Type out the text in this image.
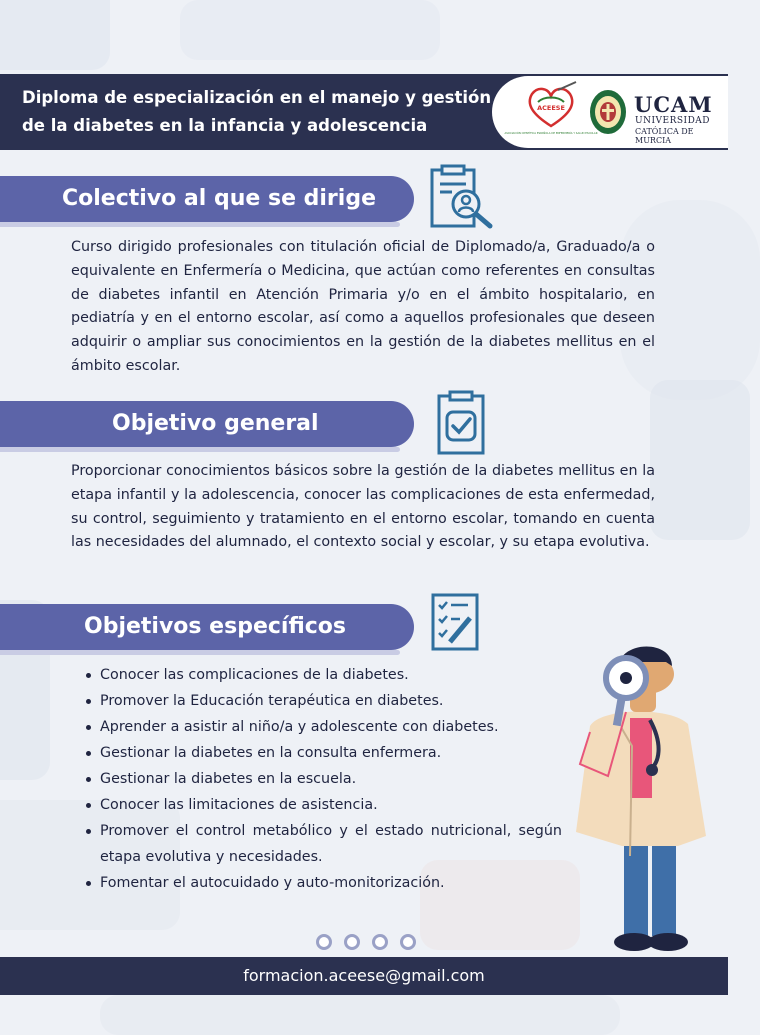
Diploma de especialización en el manejo y gestión de la diabetes en la infancia y adolescencia
ACEESE
ASOCIACIÓN CIENTÍFICA ESPAÑOLA DE ENFERMERÍA Y SALUD ESCOLAR
UCAM
UNIVERSIDAD
CATÓLICA DE MURCIA
Colectivo al que se dirige

Curso dirigido profesionales con titulación oficial de Diplomado/a, Graduado/a o equivalente en Enfermería o Medicina, que actúan como referentes en consultas de diabetes infantil en Atención Primaria y/o en el ámbito hospitalario, en pediatría y en el entorno escolar, así como a aquellos profesionales que deseen adquirir o ampliar sus conocimientos en la gestión de la diabetes mellitus en el ámbito escolar.

Objetivo general

Proporcionar conocimientos básicos sobre la gestión de la diabetes mellitus en la etapa infantil y la adolescencia, conocer las complicaciones de esta enfermedad, su control, seguimiento y tratamiento en el entorno escolar, tomando en cuenta las necesidades del alumnado, el contexto social y escolar, y su etapa evolutiva.

Objetivos específicos
Conocer las complicaciones de la diabetes.
Promover la Educación terapéutica en diabetes.
Aprender a asistir al niño/a y adolescente con diabetes.
Gestionar la diabetes en la consulta enfermera.
Gestionar la diabetes en la escuela.
Conocer las limitaciones de asistencia.
Promover el control metabólico y el estado nutricional, según etapa evolutiva y necesidades.
Fomentar el autocuidado y auto-monitorización.
formacion.aceese@gmail.com
